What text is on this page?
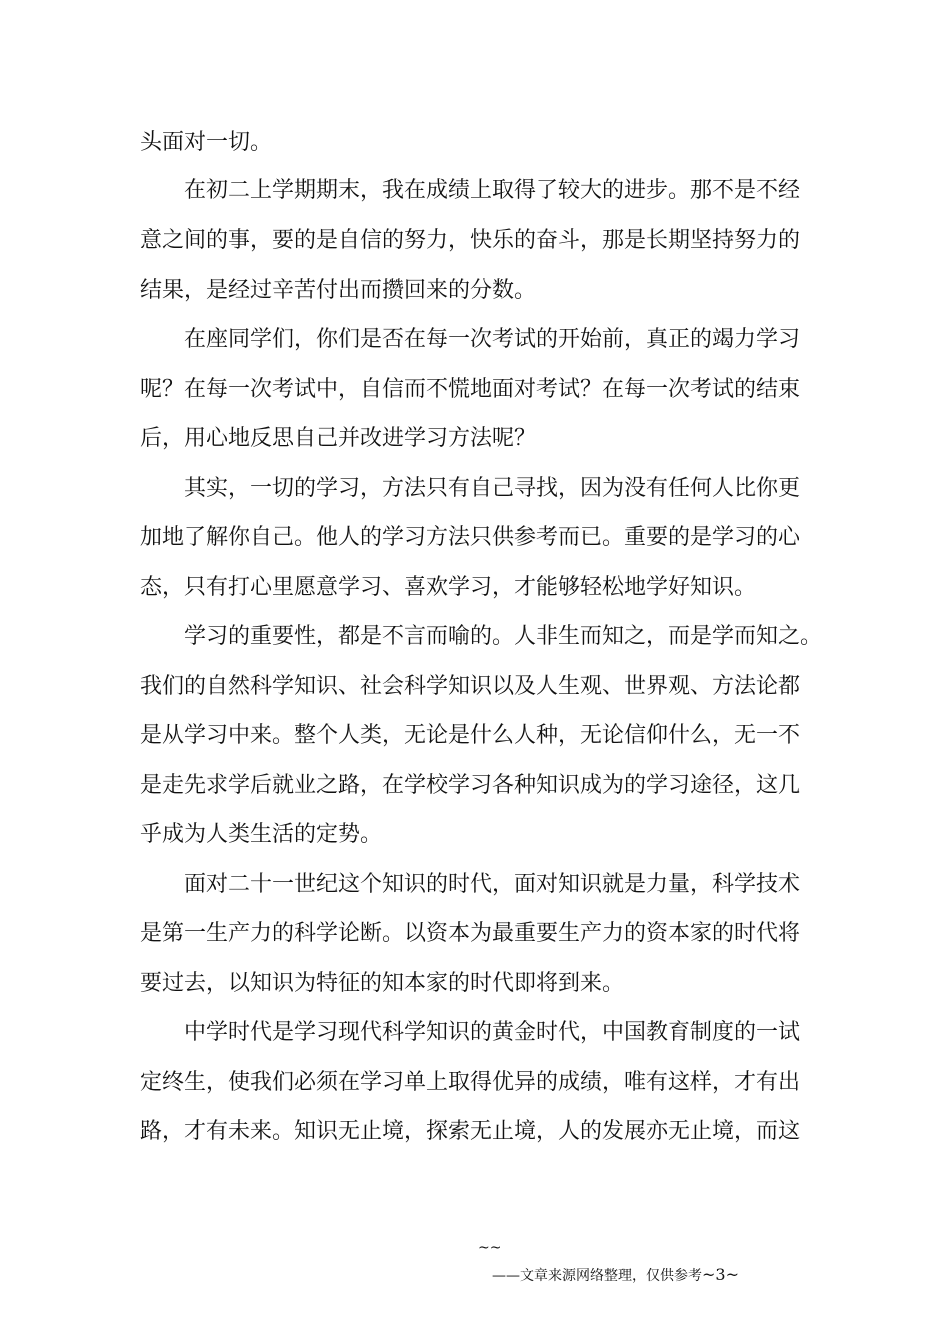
头面对一切。
在初二上学期期末，我在成绩上取得了较大的进步。那不是不经
意之间的事，要的是自信的努力，快乐的奋斗，那是长期坚持努力的
结果，是经过辛苦付出而攒回来的分数。
在座同学们，你们是否在每一次考试的开始前，真正的竭力学习
呢？在每一次考试中，自信而不慌地面对考试？在每一次考试的结束
后，用心地反思自己并改进学习方法呢？
其实，一切的学习，方法只有自己寻找，因为没有任何人比你更
加地了解你自己。他人的学习方法只供参考而已。重要的是学习的心
态，只有打心里愿意学习、喜欢学习，才能够轻松地学好知识。
学习的重要性，都是不言而喻的。人非生而知之，而是学而知之。
我们的自然科学知识、社会科学知识以及人生观、世界观、方法论都
是从学习中来。整个人类，无论是什么人种，无论信仰什么，无一不
是走先求学后就业之路，在学校学习各种知识成为的学习途径，这几
乎成为人类生活的定势。
面对二十一世纪这个知识的时代，面对知识就是力量，科学技术
是第一生产力的科学论断。以资本为最重要生产力的资本家的时代将
要过去，以知识为特征的知本家的时代即将到来。
中学时代是学习现代科学知识的黄金时代，中国教育制度的一试
定终生，使我们必须在学习单上取得优异的成绩，唯有这样，才有出
路，才有未来。知识无止境，探索无止境，人的发展亦无止境，而这
~~
——文章来源网络整理，仅供参考~3~
